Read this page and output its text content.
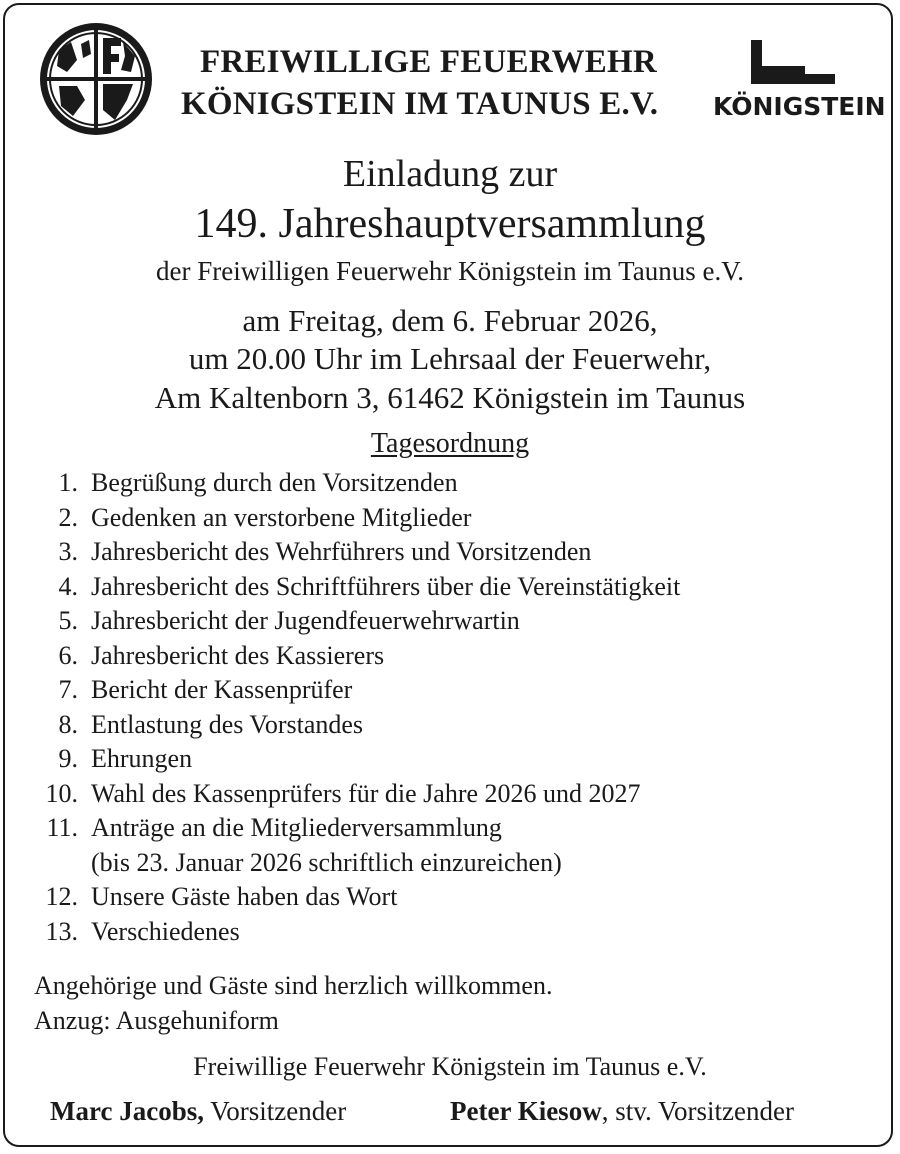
FREIWILLIGE FEUERWEHR
KÖNIGSTEIN IM TAUNUS E.V. KÖNIGSTEIN
Einladung zur
149. Jahreshauptversammlung
der Freiwilligen Feuerwehr Königstein im Taunus e.V.
am Freitag, dem 6. Februar 2026,
um 20.00 Uhr im Lehrsaal der Feuerwehr,
Am Kaltenborn 3, 61462 Königstein im Taunus
Tagesordnung
1. Begrüßung durch den Vorsitzenden
2. Gedenken an verstorbene Mitglieder
3. Jahresbericht des Wehrführers und Vorsitzenden
4. Jahresbericht des Schriftführers über die Vereinstätigkeit
5. Jahresbericht der Jugendfeuerwehrwartin
6. Jahresbericht des Kassierers
7. Bericht der Kassenprüfer
8. Entlastung des Vorstandes
9. Ehrungen
10. Wahl des Kassenprüfers für die Jahre 2026 und 2027
11. Anträge an die Mitgliederversammlung
(bis 23. Januar 2026 schriftlich einzureichen)
12. Unsere Gäste haben das Wort
13. Verschiedenes
Angehörige und Gäste sind herzlich willkommen.
Anzug: Ausgehuniform
Freiwillige Feuerwehr Königstein im Taunus e.V.
Marc Jacobs, Vorsitzender	Peter Kiesow, stv. Vorsitzender
